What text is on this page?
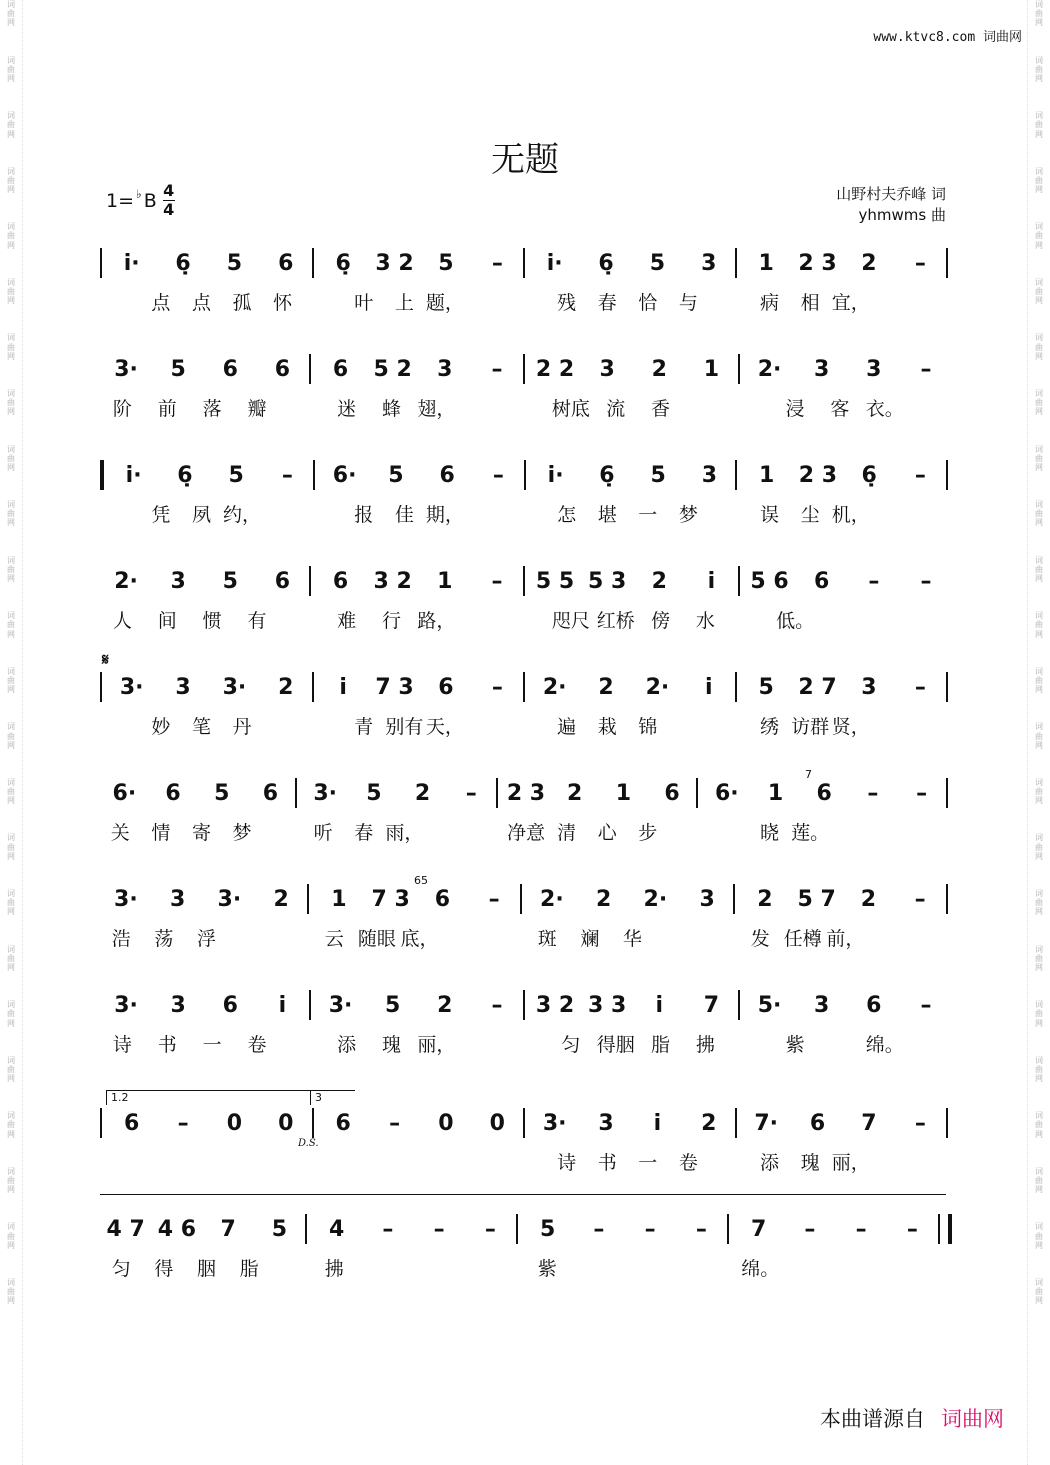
词
曲
网
词
曲
网
词
曲
网
词
曲
网
词
曲
网
词
曲
网
词
曲
网
词
曲
网
词
曲
网
词
曲
网
词
曲
网
词
曲
网
词
曲
网
词
曲
网
词
曲
网
词
曲
网
词
曲
网
词
曲
网
词
曲
网
词
曲
网
词
曲
网
词
曲
网
词
曲
网
词
曲
网
词
曲
网
词
曲
网
词
曲
网
词
曲
网
词
曲
网
词
曲
网
词
曲
网
词
曲
网
词
曲
网
词
曲
网
词
曲
网
词
曲
网
词
曲
网
词
曲
网
词
曲
网
词
曲
网
词
曲
网
词
曲
网
词
曲
网
词
曲
网
词
曲
网
词
曲
网
词
曲
网
词
曲
网
www.ktvc8.com 词曲网
无题
1= ♭ B 4
4
山野村夫乔峰 词
yhmwms 曲
𝄋
1.2	3
D.S.
7
65
i·	6̣	5	6	6̣	3 2	5	–	i·	6̣	5	3	1	2 3	2	–
点	点	孤	怀	叶	上 题，	残	春	恰	与	病	相 宜，
3·	5	6	6	6	5 2	3	–	2 2	3	2	1	2·	3	3	–
阶	前	落	瓣	迷	蜂 翅，	树底 流	香	浸	客 衣。
i·	6̣	5	–	6·	5	6	–	i·	6̣	5	3	1	2 3	6̣	–
凭	夙 约，	报	佳 期，	怎	堪	一	梦	误	尘 机，
2·	3	5	6	6	3 2	1	–	5 5 5 3	2	i	5 6	6	–	–
人	间	惯	有	难	行 路，	咫尺 红桥 傍	水	低。
3·	3	3·	2	i	7 3	6	–	2·	2	2·	i	5	2 7	3	–
妙	笔	丹	青 别有 天，	遍	栽	锦	绣 访群 贤，
6·	6	5	6	3·	5	2	–	2 3 2	1	6	6·	1	6	–	–
关	情	寄	梦	听	春 雨，	净意 清	心	步	晓 莲。
3·	3	3·	2	1	7 3	6	–	2·	2	2·	3	2	5 7	2	–
浩	荡	浮	云 随眼 底，	斑	斓	华	发 任樽 前，
3·	3	6	i	3·	5	2	–	3 2 3 3	i	7	5·	3	6	–
诗	书	一	卷	添	瑰 丽，	匀 得胭 脂	拂	紫	绵。
6	–	0	0	6	–	0	0	3·	3	i	2	7·	6	7	–
诗	书	一	卷	添	瑰 丽，
4 7 4 6	7	5	4	–	–	–	5	–	–	–	7	–	–	–
匀	得	胭	脂	拂	紫	绵。
本曲谱源自 词曲网
